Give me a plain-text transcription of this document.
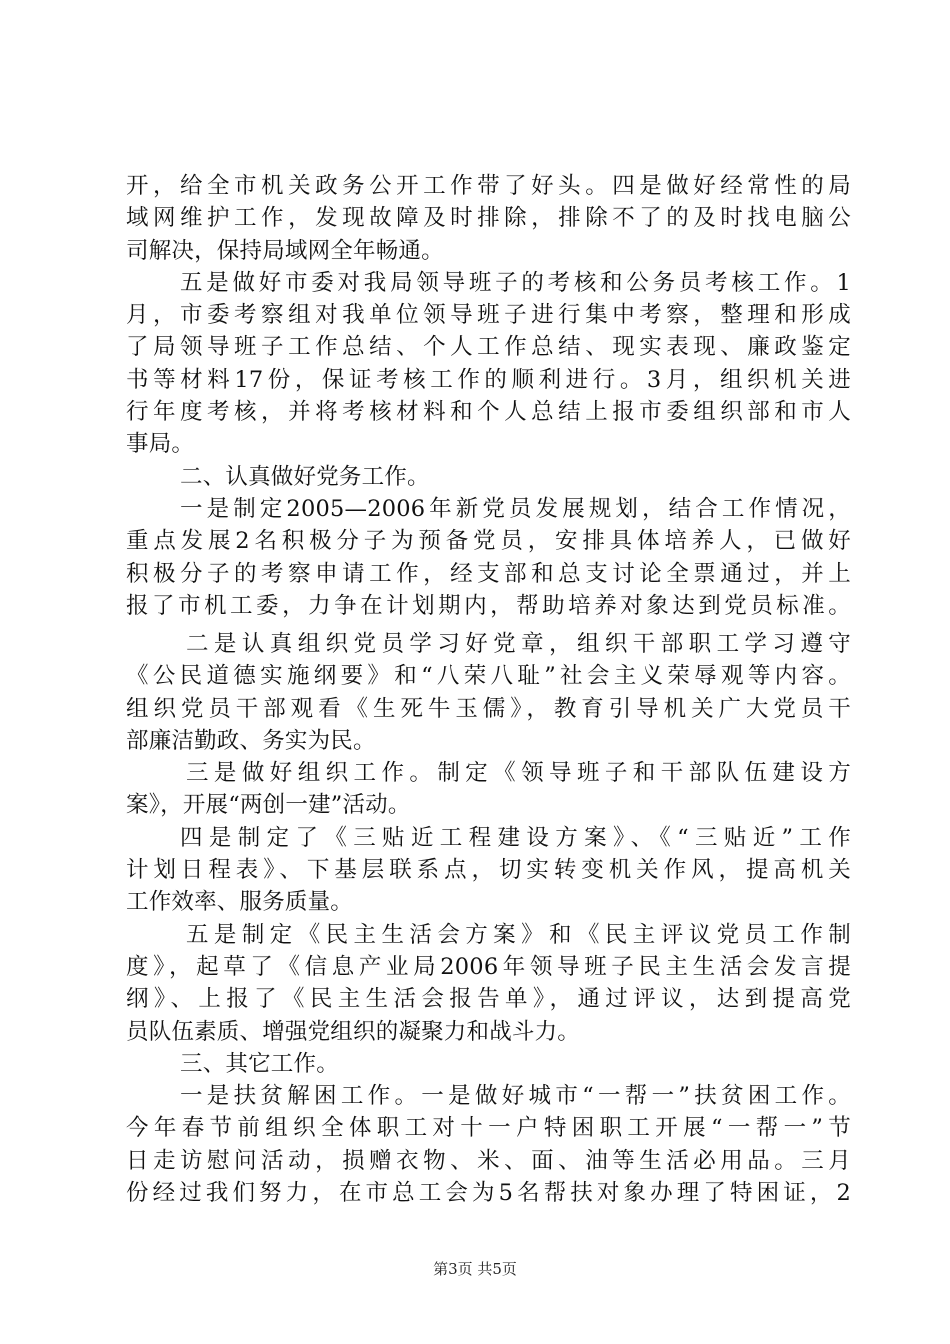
开，给全市机关政务公开工作带了好头。四是做好经常性的局
域网维护工作，发现故障及时排除，排除不了的及时找电脑公
司解决，保持局域网全年畅通。
五是做好市委对我局领导班子的考核和公务员考核工作。1
月，市委考察组对我单位领导班子进行集中考察，整理和形成
了局领导班子工作总结、个人工作总结、现实表现、廉政鉴定
书等材料17份，保证考核工作的顺利进行。3月，组织机关进
行年度考核，并将考核材料和个人总结上报市委组织部和市人
事局。
二、认真做好党务工作。
一是制定2005—2006年新党员发展规划，结合工作情况，
重点发展2名积极分子为预备党员，安排具体培养人，已做好
积极分子的考察申请工作，经支部和总支讨论全票通过，并上
报了市机工委，力争在计划期内，帮助培养对象达到党员标准。
二是认真组织党员学习好党章，组织干部职工学习遵守
《公民道德实施纲要》和“八荣八耻”社会主义荣辱观等内容。
组织党员干部观看《生死牛玉儒》，教育引导机关广大党员干
部廉洁勤政、务实为民。
三是做好组织工作。制定《领导班子和干部队伍建设方
案》，开展“两创一建”活动。
四是制定了《三贴近工程建设方案》、《“三贴近”工作
计划日程表》、下基层联系点，切实转变机关作风，提高机关
工作效率、服务质量。
五是制定《民主生活会方案》和《民主评议党员工作制
度》，起草了《信息产业局2006年领导班子民主生活会发言提
纲》、上报了《民主生活会报告单》，通过评议，达到提高党
员队伍素质、增强党组织的凝聚力和战斗力。
三、其它工作。
一是扶贫解困工作。一是做好城市“一帮一”扶贫困工作。
今年春节前组织全体职工对十一户特困职工开展“一帮一”节
日走访慰问活动，损赠衣物、米、面、油等生活必用品。三月
份经过我们努力，在市总工会为5名帮扶对象办理了特困证，2
第3页 共5页
